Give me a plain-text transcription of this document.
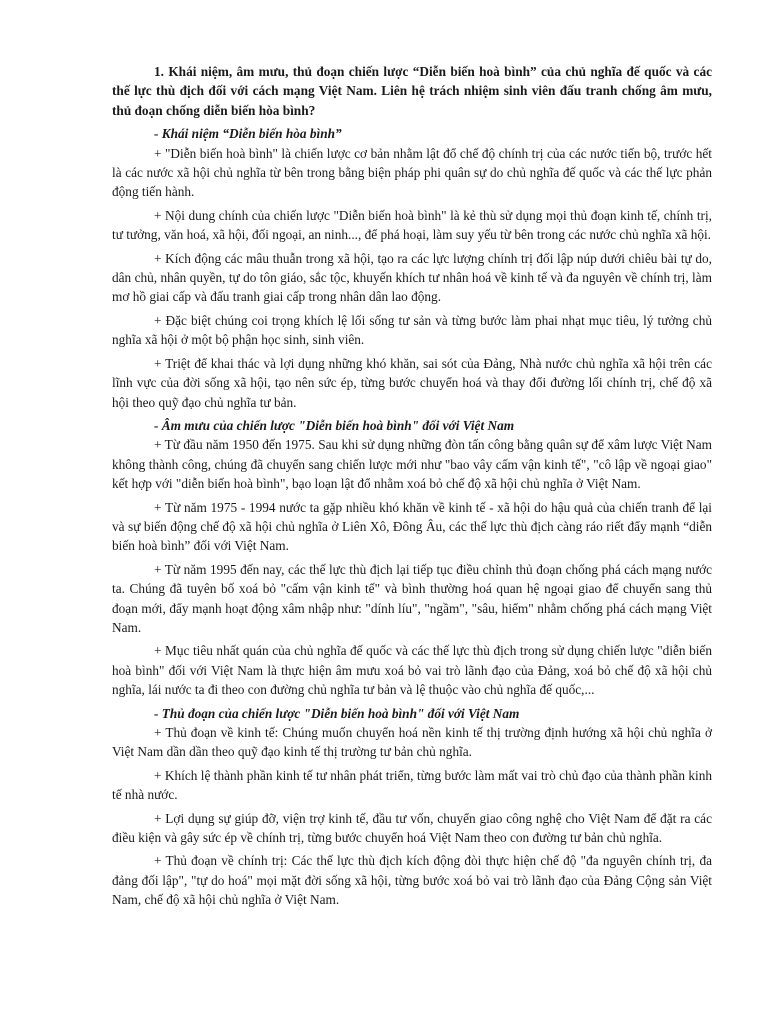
1. Khái niệm, âm mưu, thủ đoạn chiến lược “Diễn biến hoà bình” của chủ nghĩa đế quốc và các thế lực thù địch đối với cách mạng Việt Nam. Liên hệ trách nhiệm sinh viên đấu tranh chống âm mưu, thủ đoạn chống diễn biến hòa bình?

- Khái niệm “Diễn biến hòa bình”

+ "Diễn biến hoà bình" là chiến lược cơ bản nhằm lật đổ chế độ chính trị của các nước tiến bộ, trước hết là các nước xã hội chủ nghĩa từ bên trong bằng biện pháp phi quân sự do chủ nghĩa đế quốc và các thế lực phản động tiến hành.

+ Nội dung chính của chiến lược "Diễn biến hoà bình" là kẻ thù sử dụng mọi thủ đoạn kinh tế, chính trị, tư tưởng, văn hoá, xã hội, đối ngoại, an ninh..., để phá hoại, làm suy yếu từ bên trong các nước chủ nghĩa xã hội.

+ Kích động các mâu thuẫn trong xã hội, tạo ra các lực lượng chính trị đối lập núp dưới chiêu bài tự do, dân chủ, nhân quyền, tự do tôn giáo, sắc tộc, khuyến khích tư nhân hoá về kinh tế và đa nguyên về chính trị, làm mơ hồ giai cấp và đấu tranh giai cấp trong nhân dân lao động.

+ Đặc biệt chúng coi trọng khích lệ lối sống tư sản và từng bước làm phai nhạt mục tiêu, lý tưởng chủ nghĩa xã hội ở một bộ phận học sinh, sinh viên.

+ Triệt để khai thác và lợi dụng những khó khăn, sai sót của Đảng, Nhà nước chủ nghĩa xã hội trên các lĩnh vực của đời sống xã hội, tạo nên sức ép, từng bước chuyển hoá và thay đổi đường lối chính trị, chế độ xã hội theo quỹ đạo chủ nghĩa tư bản.

- Âm mưu của chiến lược "Diễn biến hoà bình" đối với Việt Nam

+ Từ đầu năm 1950 đến 1975. Sau khi sử dụng những đòn tấn công bằng quân sự để xâm lược Việt Nam không thành công, chúng đã chuyển sang chiến lược mới như "bao vây cấm vận kinh tế", "cô lập về ngoại giao" kết hợp với "diễn biến hoà bình", bạo loạn lật đổ nhằm xoá bỏ chế độ xã hội chủ nghĩa ở Việt Nam.

+ Từ năm 1975 - 1994 nước ta gặp nhiều khó khăn về kinh tế - xã hội do hậu quả của chiến tranh để lại và sự biến động chế độ xã hội chủ nghĩa ở Liên Xô, Đông Âu, các thế lực thù địch càng ráo riết đẩy mạnh “diễn biến hoà bình” đối với Việt Nam.

+ Từ năm 1995 đến nay, các thế lực thù địch lại tiếp tục điều chỉnh thủ đoạn chống phá cách mạng nước ta. Chúng đã tuyên bố xoá bỏ "cấm vận kinh tế" và bình thường hoá quan hệ ngoại giao để chuyển sang thủ đoạn mới, đẩy mạnh hoạt động xâm nhập như: "dính líu", "ngầm", "sâu, hiểm" nhằm chống phá cách mạng Việt Nam.

+ Mục tiêu nhất quán của chủ nghĩa đế quốc và các thế lực thù địch trong sử dụng chiến lược "diễn biến hoà bình" đối với Việt Nam là thực hiện âm mưu xoá bỏ vai trò lãnh đạo của Đảng, xoá bỏ chế độ xã hội chủ nghĩa, lái nước ta đi theo con đường chủ nghĩa tư bản và lệ thuộc vào chủ nghĩa đế quốc,...

- Thủ đoạn của chiến lược "Diễn biến hoà bình" đối với Việt Nam

+ Thủ đoạn về kinh tế: Chúng muốn chuyển hoá nền kinh tế thị trường định hướng xã hội chủ nghĩa ở Việt Nam dần dần theo quỹ đạo kinh tế thị trường tư bản chủ nghĩa.

+ Khích lệ thành phần kinh tế tư nhân phát triển, từng bước làm mất vai trò chủ đạo của thành phần kinh tế nhà nước.

+ Lợi dụng sự giúp đỡ, viện trợ kinh tế, đầu tư vốn, chuyển giao công nghệ cho Việt Nam để đặt ra các điều kiện và gây sức ép về chính trị, từng bước chuyển hoá Việt Nam theo con đường tư bản chủ nghĩa.

+ Thủ đoạn về chính trị: Các thế lực thù địch kích động đòi thực hiện chế độ "đa nguyên chính trị, đa đảng đối lập", "tự do hoá" mọi mặt đời sống xã hội, từng bước xoá bỏ vai trò lãnh đạo của Đảng Cộng sản Việt Nam, chế độ xã hội chủ nghĩa ở Việt Nam.
